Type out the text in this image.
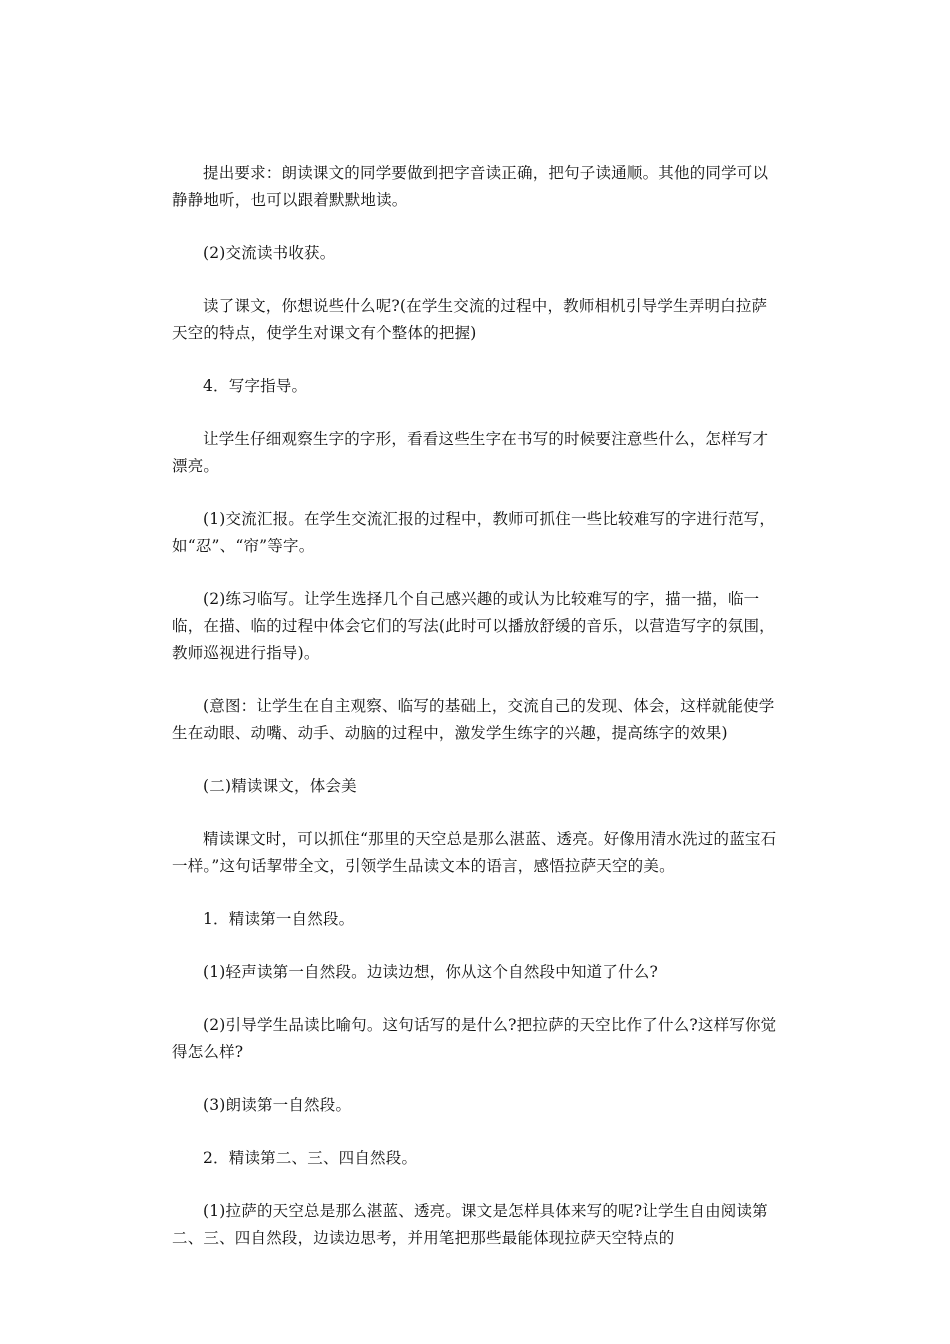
提出要求：朗读课文的同学要做到把字音读正确，把句子读通顺。其他的同学可以静静地听，也可以跟着默默地读。

(2)交流读书收获。

读了课文，你想说些什么呢?(在学生交流的过程中，教师相机引导学生弄明白拉萨天空的特点，使学生对课文有个整体的把握)

4．写字指导。

让学生仔细观察生字的字形，看看这些生字在书写的时候要注意些什么，怎样写才漂亮。

(1)交流汇报。在学生交流汇报的过程中，教师可抓住一些比较难写的字进行范写，如“忍”、“帘”等字。

(2)练习临写。让学生选择几个自己感兴趣的或认为比较难写的字，描一描，临一临，在描、临的过程中体会它们的写法(此时可以播放舒缓的音乐，以营造写字的氛围，教师巡视进行指导)。

(意图：让学生在自主观察、临写的基础上，交流自己的发现、体会，这样就能使学生在动眼、动嘴、动手、动脑的过程中，激发学生练字的兴趣，提高练字的效果)

(二)精读课文，体会美

精读课文时，可以抓住“那里的天空总是那么湛蓝、透亮。好像用清水洗过的蓝宝石一样。”这句话挈带全文，引领学生品读文本的语言，感悟拉萨天空的美。

1．精读第一自然段。

(1)轻声读第一自然段。边读边想，你从这个自然段中知道了什么?

(2)引导学生品读比喻句。这句话写的是什么?把拉萨的天空比作了什么?这样写你觉得怎么样?

(3)朗读第一自然段。

2．精读第二、三、四自然段。

(1)拉萨的天空总是那么湛蓝、透亮。课文是怎样具体来写的呢?让学生自由阅读第二、三、四自然段，边读边思考，并用笔把那些最能体现拉萨天空特点的
